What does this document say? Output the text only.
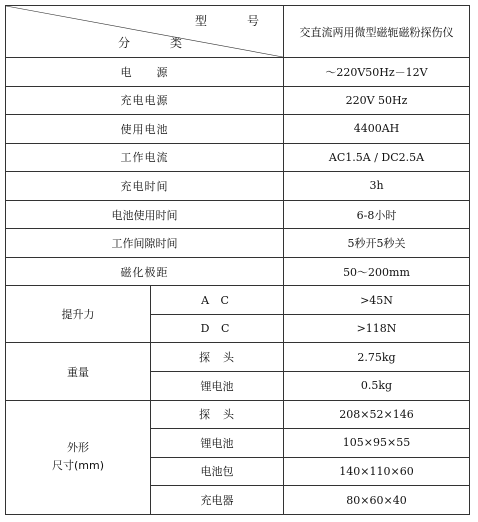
型　号
分　类		交直流两用微型磁轭磁粉探伤仪
电　　源		～220V50Hz－12V
充电电源		220V 50Hz
使用电池		4400AH
工作电流		AC1.5A / DC2.5A
充电时间		3h
电池使用时间		6-8小时
工作间隙时间		5秒开5秒关
磁化极距		50～200mm
提升力	A C	>45N
	D C	>118N
重量	探　头	2.75kg
	锂电池	0.5kg

外形
尺寸(mm)	探　头	208×52×146
	锂电池	105×95×55
	电池包	140×110×60
	充电器	80×60×40
